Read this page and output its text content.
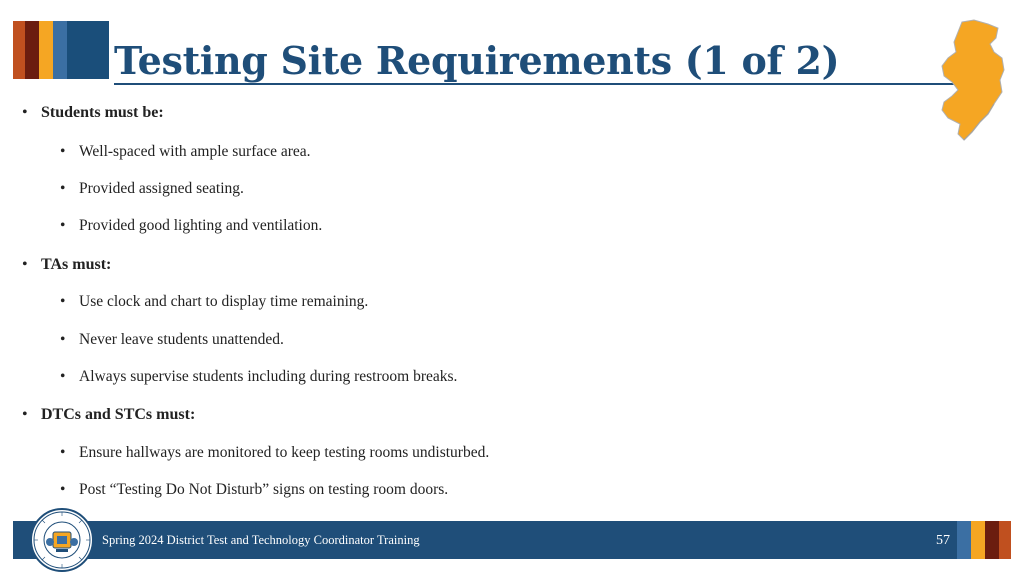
Testing Site Requirements (1 of 2)
• Students must be:
• Well-spaced with ample surface area.
• Provided assigned seating.
• Provided good lighting and ventilation.
• TAs must:
• Use clock and chart to display time remaining.
• Never leave students unattended.
• Always supervise students including during restroom breaks.
• DTCs and STCs must:
• Ensure hallways are monitored to keep testing rooms undisturbed.
• Post “Testing Do Not Disturb” signs on testing room doors.
Spring 2024 District Test and Technology Coordinator Training	57
